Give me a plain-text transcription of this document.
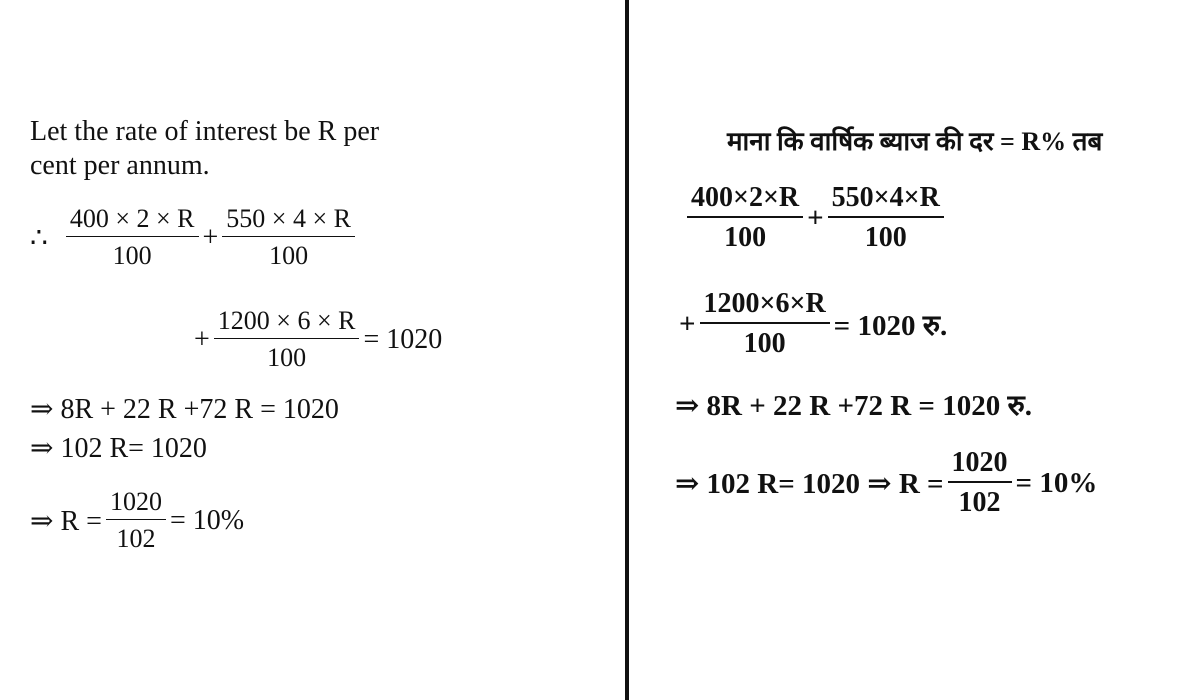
Let the rate of interest be R per
cent per annum.
∴ $\frac{400 \times 2 \times R}{100} + \frac{550 \times 4 \times R}{100}$
+ $\frac{1200 \times 6 \times R}{100} = 1020$
⇒ 8R + 22 R +72 R = 1020
⇒ 102 R= 1020
⇒ $R = \frac{1020}{102} = 10\%$
माना कि वार्षिक ब्याज की दर = R% तब
$\frac{400\times 2\times R}{100} + \frac{550\times 4\times R}{100}$
+ $\frac{1200\times 6\times R}{100} = 1020$ रु.
⇒ 8R + 22 R +72 R = 1020 रु.
⇒ 102 R= 1020 ⇒ $R = \frac{1020}{102} = 10\%$
